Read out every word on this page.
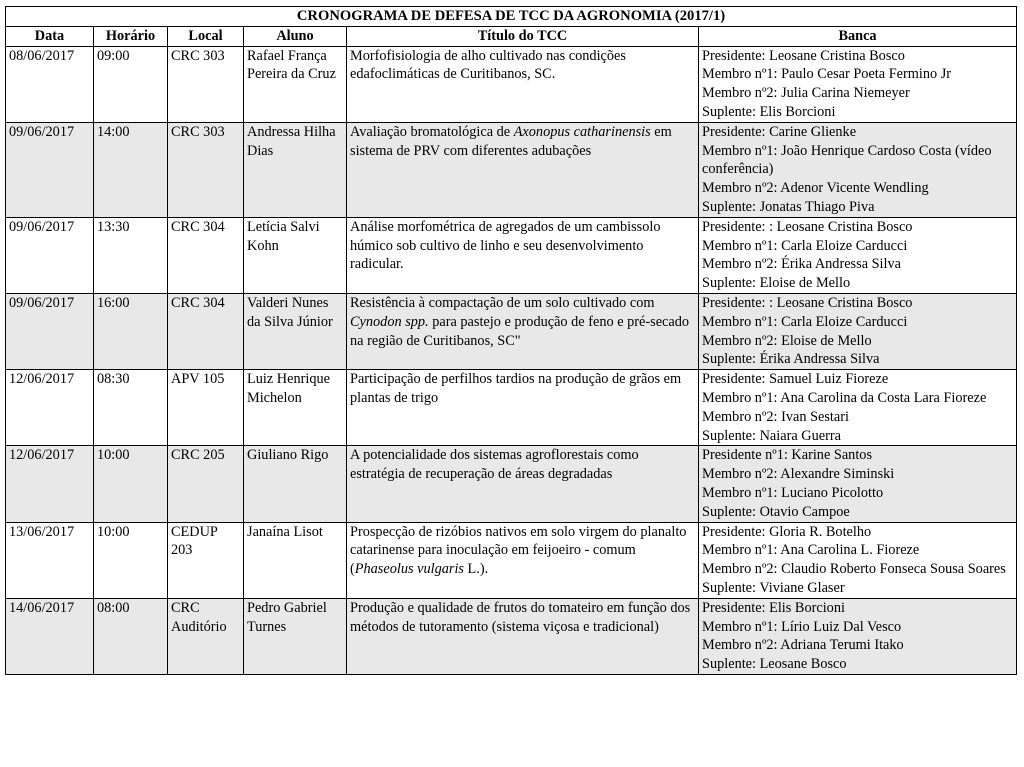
CRONOGRAMA DE DEFESA DE TCC DA AGRONOMIA (2017/1)					
Data	Horário	Local	Aluno	Título do TCC	Banca
08/06/2017	09:00	CRC 303	Rafael França Pereira da Cruz	Morfofisiologia de alho cultivado nas condições edafoclimáticas de Curitibanos, SC.	Presidente: Leosane Cristina Bosco
Membro nº1: Paulo Cesar Poeta Fermino Jr
Membro nº2: Julia Carina Niemeyer
Suplente: Elis Borcioni

09/06/2017	14:00	CRC 303	Andressa Hilha Dias	Avaliação bromatológica de Axonopus catharinensis em sistema de PRV com diferentes adubações	Presidente: Carine Glienke
Membro nº1: João Henrique Cardoso Costa (vídeo conferência)
Membro nº2: Adenor Vicente Wendling
Suplente: Jonatas Thiago Piva

09/06/2017	13:30	CRC 304	Letícia Salvi Kohn	Análise morfométrica de agregados de um cambissolo húmico sob cultivo de linho e seu desenvolvimento radicular.	Presidente: : Leosane Cristina Bosco
Membro nº1: Carla Eloize Carducci
Membro nº2: Érika Andressa Silva
Suplente: Eloise de Mello

09/06/2017	16:00	CRC 304	Valderi Nunes da Silva Júnior	Resistência à compactação de um solo cultivado com Cynodon spp. para pastejo e produção de feno e pré-secado na região de Curitibanos, SC"	Presidente: : Leosane Cristina Bosco
Membro nº1: Carla Eloize Carducci
Membro nº2: Eloise de Mello
Suplente: Érika Andressa Silva

12/06/2017	08:30	APV 105	Luiz Henrique Michelon	Participação de perfilhos tardios na produção de grãos em plantas de trigo	Presidente: Samuel Luiz Fioreze
Membro nº1: Ana Carolina da Costa Lara Fioreze
Membro nº2: Ivan Sestari
Suplente: Naiara Guerra

12/06/2017	10:00	CRC 205	Giuliano Rigo	A potencialidade dos sistemas agroflorestais como estratégia de recuperação de áreas degradadas	Presidente nº1: Karine Santos
Membro nº2: Alexandre Siminski
Membro nº1: Luciano Picolotto
Suplente: Otavio Campoe

13/06/2017	10:00	CEDUP 203	Janaína Lisot	Prospecção de rizóbios nativos em solo virgem do planalto catarinense para inoculação em feijoeiro - comum (Phaseolus vulgaris L.).	Presidente: Gloria R. Botelho
Membro nº1: Ana Carolina L. Fioreze
Membro nº2: Claudio Roberto Fonseca Sousa Soares
Suplente: Viviane Glaser

14/06/2017	08:00	CRC Auditório	Pedro Gabriel Turnes	Produção e qualidade de frutos do tomateiro em função dos métodos de tutoramento (sistema viçosa e tradicional)	Presidente: Elis Borcioni
Membro nº1: Lírio Luiz Dal Vesco
Membro nº2: Adriana Terumi Itako
Suplente: Leosane Bosco
